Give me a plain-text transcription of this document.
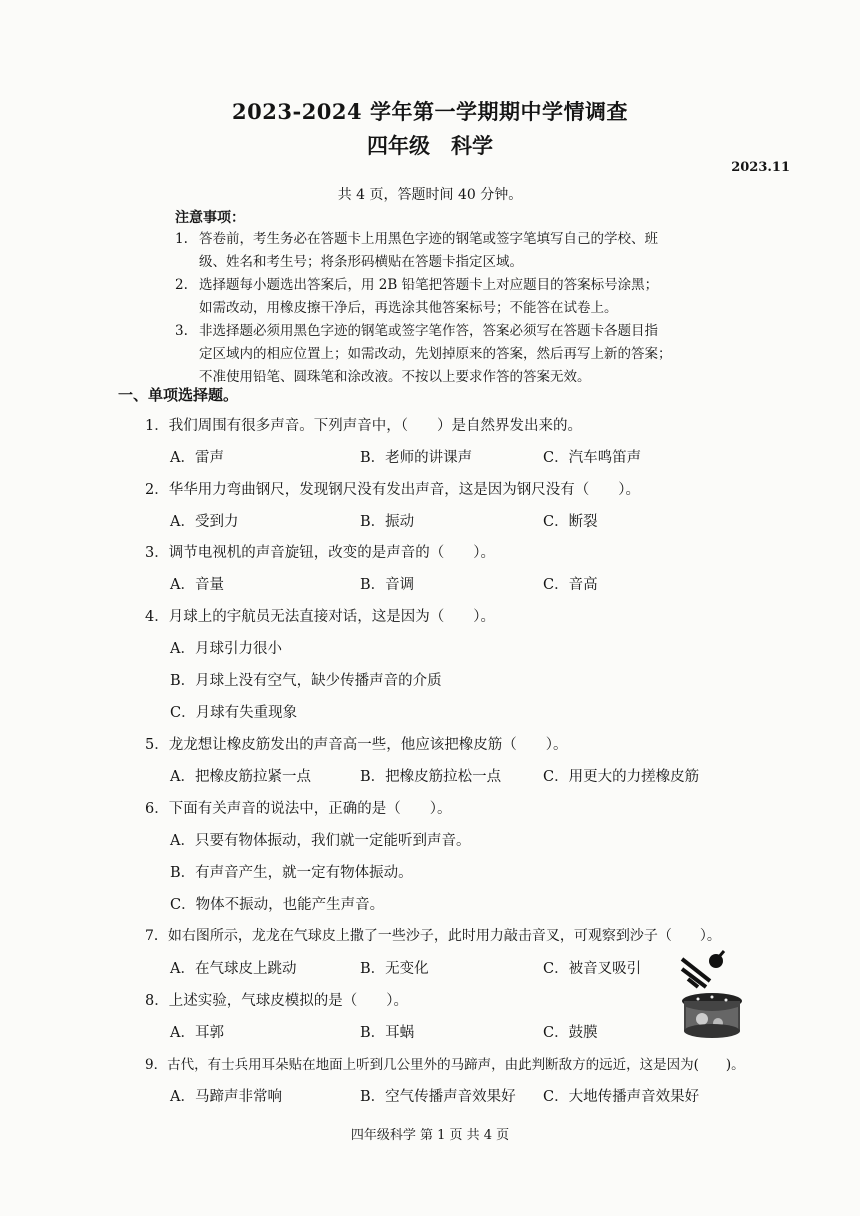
2023-2024 学年第一学期期中学情调查
四年级　科学
2023.11
共 4 页，答题时间 40 分钟。
注意事项：
1. 答卷前，考生务必在答题卡上用黑色字迹的钢笔或签字笔填写自己的学校、班
级、姓名和考生号；将条形码横贴在答题卡指定区域。
2. 选择题每小题选出答案后，用 2B 铅笔把答题卡上对应题目的答案标号涂黑；
如需改动，用橡皮擦干净后，再选涂其他答案标号；不能答在试卷上。
3. 非选择题必须用黑色字迹的钢笔或签字笔作答，答案必须写在答题卡各题目指
定区域内的相应位置上；如需改动，先划掉原来的答案，然后再写上新的答案；
不准使用铅笔、圆珠笔和涂改液。不按以上要求作答的答案无效。
一、单项选择题。
1．我们周围有很多声音。下列声音中，（　　）是自然界发出来的。
A．雷声	B．老师的讲课声	C．汽车鸣笛声
2．华华用力弯曲钢尺，发现钢尺没有发出声音，这是因为钢尺没有（　　）。
A．受到力	B．振动	C．断裂
3．调节电视机的声音旋钮，改变的是声音的（　　）。
A．音量	B．音调	C．音高
4．月球上的宇航员无法直接对话，这是因为（　　）。
A．月球引力很小
B．月球上没有空气，缺少传播声音的介质
C．月球有失重现象
5．龙龙想让橡皮筋发出的声音高一些，他应该把橡皮筋（　　）。
A．把橡皮筋拉紧一点	B．把橡皮筋拉松一点	C．用更大的力搓橡皮筋
6．下面有关声音的说法中，正确的是（　　）。
A．只要有物体振动，我们就一定能听到声音。
B．有声音产生，就一定有物体振动。
C．物体不振动，也能产生声音。
7．如右图所示，龙龙在气球皮上撒了一些沙子，此时用力敲击音叉，可观察到沙子（　　）。
A．在气球皮上跳动	B．无变化	C．被音叉吸引
8．上述实验，气球皮模拟的是（　　）。
A．耳郭	B．耳蜗	C．鼓膜
9．古代，有士兵用耳朵贴在地面上听到几公里外的马蹄声，由此判断敌方的远近，这是因为(　　)。
A．马蹄声非常响	B．空气传播声音效果好 C．大地传播声音效果好
四年级科学 第 1 页 共 4 页
